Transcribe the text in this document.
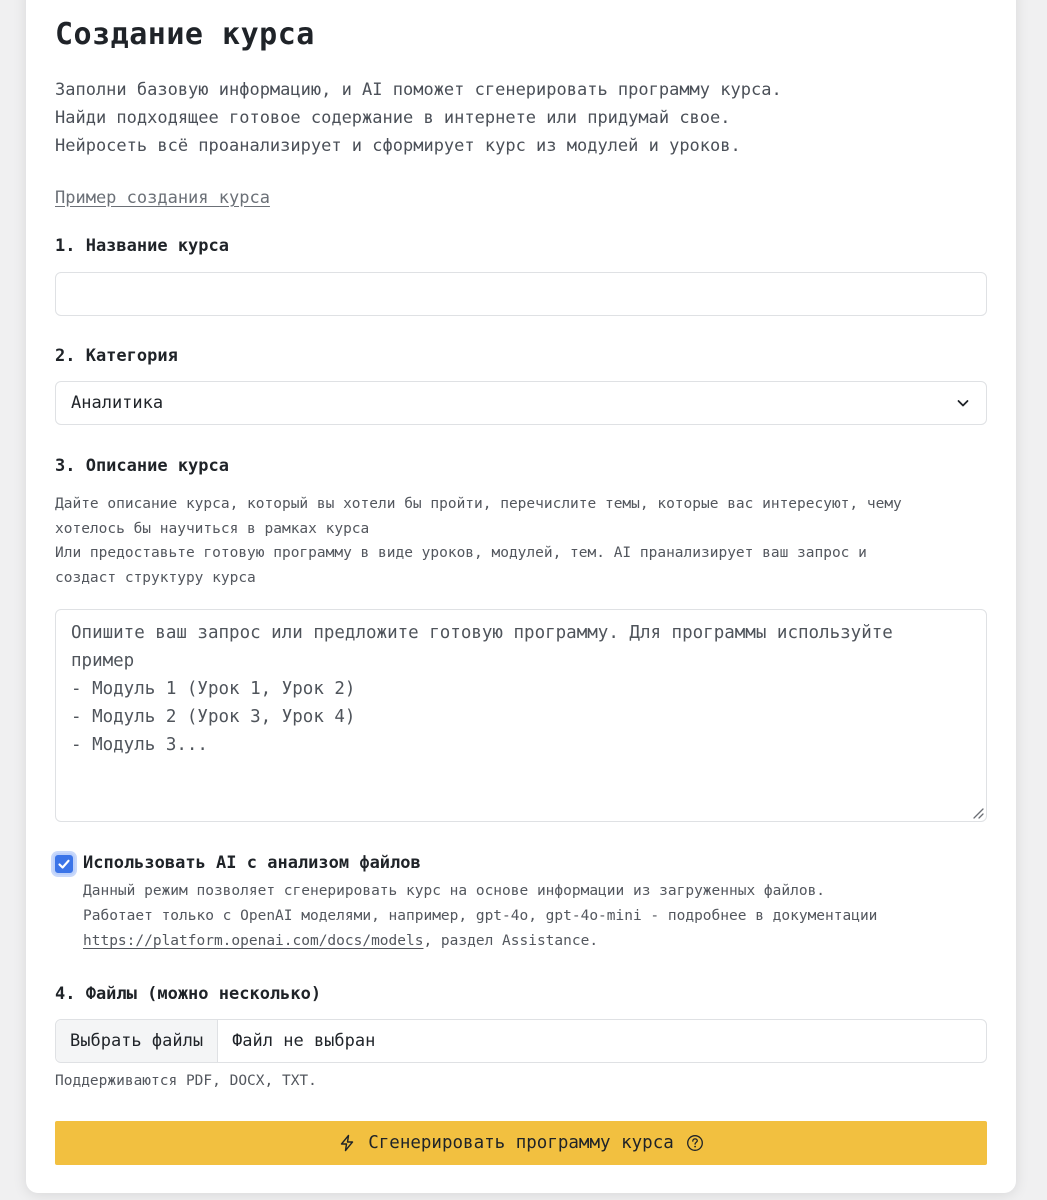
Создание курса
Заполни базовую информацию, и AI поможет сгенерировать программу курса.
Найди подходящее готовое содержание в интернете или придумай свое.
Нейросеть всё проанализирует и сформирует курс из модулей и уроков.
Пример создания курса
1. Название курса
2. Категория
Аналитика
3. Описание курса
Дайте описание курса, который вы хотели бы пройти, перечислите темы, которые вас интересуют, чему
хотелось бы научиться в рамках курса
Или предоставьте готовую программу в виде уроков, модулей, тем. AI пранализирует ваш запрос и
создаст структуру курса
Опишите ваш запрос или предложите готовую программу. Для программы используйте
пример
- Модуль 1 (Урок 1, Урок 2)
- Модуль 2 (Урок 3, Урок 4)
- Модуль 3...
Использовать AI с анализом файлов
Данный режим позволяет сгенерировать курс на основе информации из загруженных файлов.
Работает только с OpenAI моделями, например, gpt-4o, gpt-4o-mini - подробнее в документации
https://platform.openai.com/docs/models, раздел Assistance.
4. Файлы (можно несколько)
Выбрать файлы	Файл не выбран
Поддерживаются PDF, DOCX, TXT.
Сгенерировать программу курса
